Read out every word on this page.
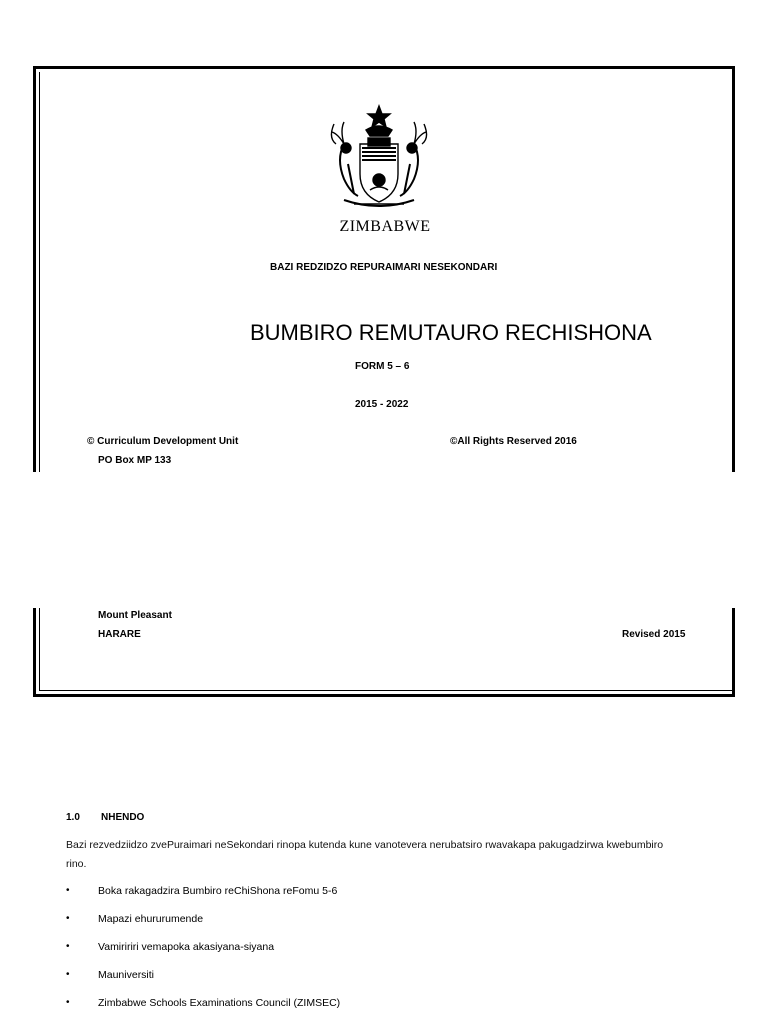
ZIMBABWE
BAZI REDZIDZO REPURAIMARI NESEKONDARI
BUMBIRO REMUTAURO RECHISHONA
FORM 5 – 6
2015 - 2022
© Curriculum Development Unit	©All Rights Reserved 2016
PO Box MP 133
Mount Pleasant
HARARE	Revised 2015
1.0 NHENDO
Bazi rezvedziidzo zvePuraimari neSekondari rinopa kutenda kune vanotevera nerubatsiro rwavakapa pakugadzirwa kwebumbiro
rino.
•	Boka rakagadzira Bumbiro reChiShona reFomu 5-6
•	Mapazi ehururumende
•	Vamiririri vemapoka akasiyana-siyana
•	Mauniversiti
•	Zimbabwe Schools Examinations Council (ZIMSEC)
